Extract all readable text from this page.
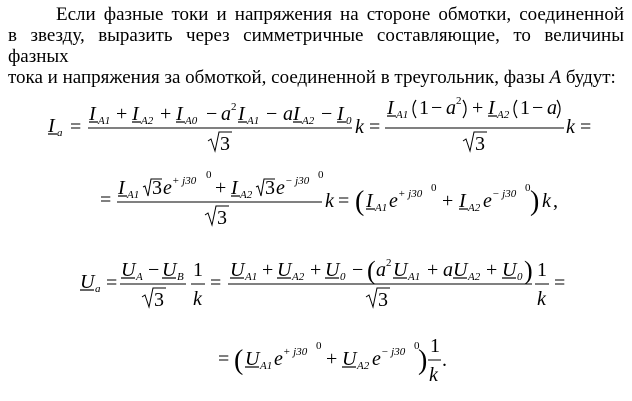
Если фазные токи и напряжения на стороне обмотки, соединенной
в звезду, выразить через симметричные составляющие, то величины фазных
тока и напряжения за обмоткой, соединенной в треугольник, фазы A будут:
I a =
I A1 + I A2 + I A0 − a 2 I A1 − a I A2 − I 0
3
k =
I A1 1 − a 2 + I A2 1 − a
3
k =
=
I A1 3 e + j30 0
+ I A2 3 e − j30 0
3
k = ( I A1 e + j30 0
+ I A2 e − j30 0 ) k ,
U a =
U A − U B
3
1
k
=
U A1 + U A2 + U 0 − ( a 2 U A1 + a U A2 + U 0 )
3
1
k
=
= ( U A1 e + j30 0
+ U A2 e − j30 0
) 1
k
.
